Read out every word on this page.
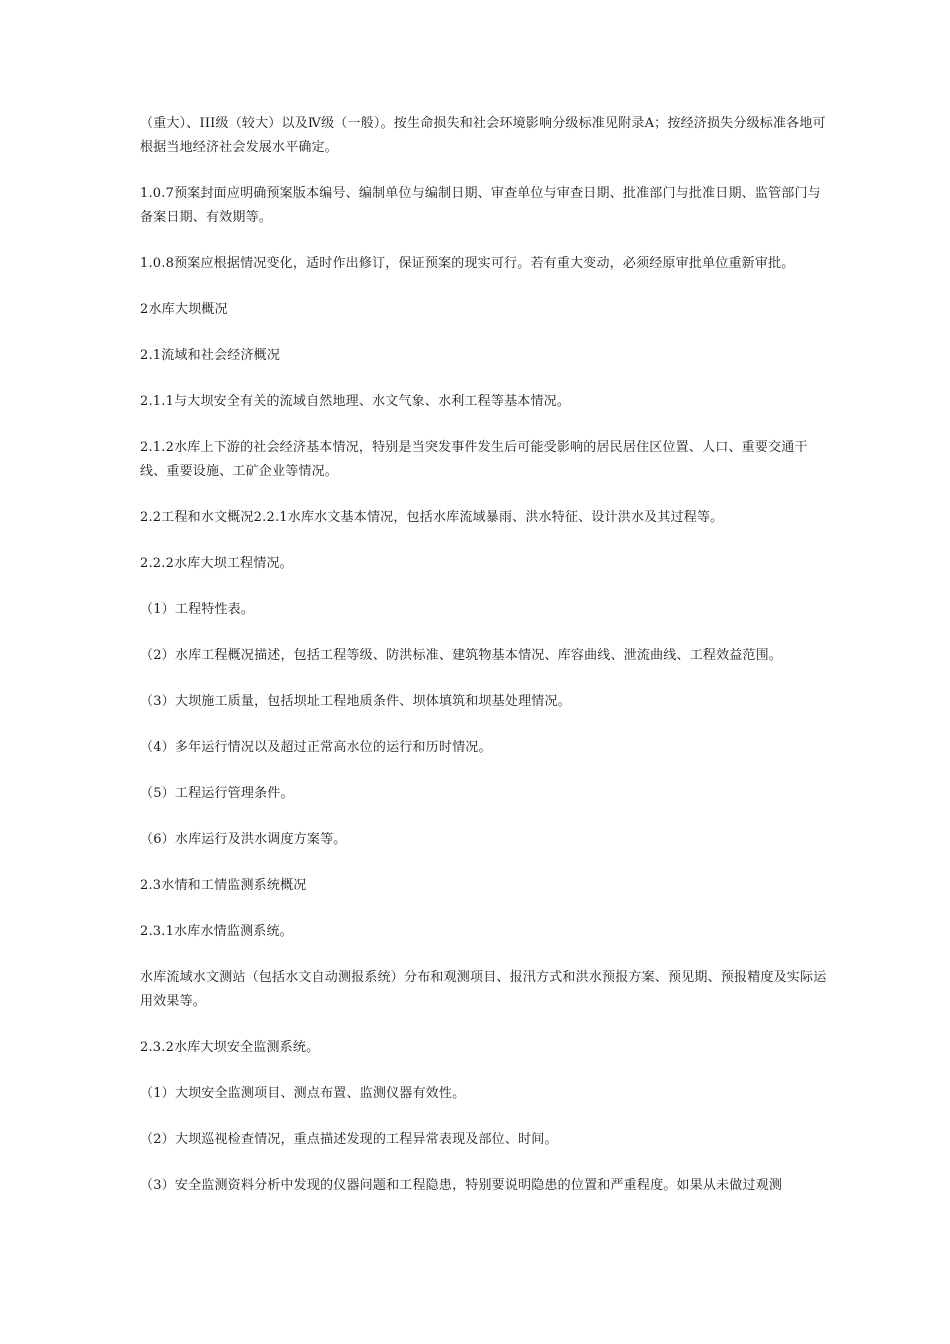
（重大）、III级（较大）以及Ⅳ级（一般）。按生命损失和社会环境影响分级标准见附录A；按经济损失分级标准各地可根据当地经济社会发展水平确定。
1.0.7预案封面应明确预案版本编号、编制单位与编制日期、审查单位与审查日期、批准部门与批准日期、监管部门与备案日期、有效期等。
1.0.8预案应根据情况变化，适时作出修订，保证预案的现实可行。若有重大变动，必须经原审批单位重新审批。
2水库大坝概况
2.1流域和社会经济概况
2.1.1与大坝安全有关的流域自然地理、水文气象、水利工程等基本情况。
2.1.2水库上下游的社会经济基本情况，特别是当突发事件发生后可能受影响的居民居住区位置、人口、重要交通干线、重要设施、工矿企业等情况。
2.2工程和水文概况2.2.1水库水文基本情况，包括水库流域暴雨、洪水特征、设计洪水及其过程等。
2.2.2水库大坝工程情况。
（1）工程特性表。
（2）水库工程概况描述，包括工程等级、防洪标准、建筑物基本情况、库容曲线、泄流曲线、工程效益范围。
（3）大坝施工质量，包括坝址工程地质条件、坝体填筑和坝基处理情况。
（4）多年运行情况以及超过正常高水位的运行和历时情况。
（5）工程运行管理条件。
（6）水库运行及洪水调度方案等。
2.3水情和工情监测系统概况
2.3.1水库水情监测系统。
水库流域水文测站（包括水文自动测报系统）分布和观测项目、报汛方式和洪水预报方案、预见期、预报精度及实际运用效果等。
2.3.2水库大坝安全监测系统。
（1）大坝安全监测项目、测点布置、监测仪器有效性。
（2）大坝巡视检查情况，重点描述发现的工程异常表现及部位、时间。
（3）安全监测资料分析中发现的仪器问题和工程隐患，特别要说明隐患的位置和严重程度。如果从未做过观测
